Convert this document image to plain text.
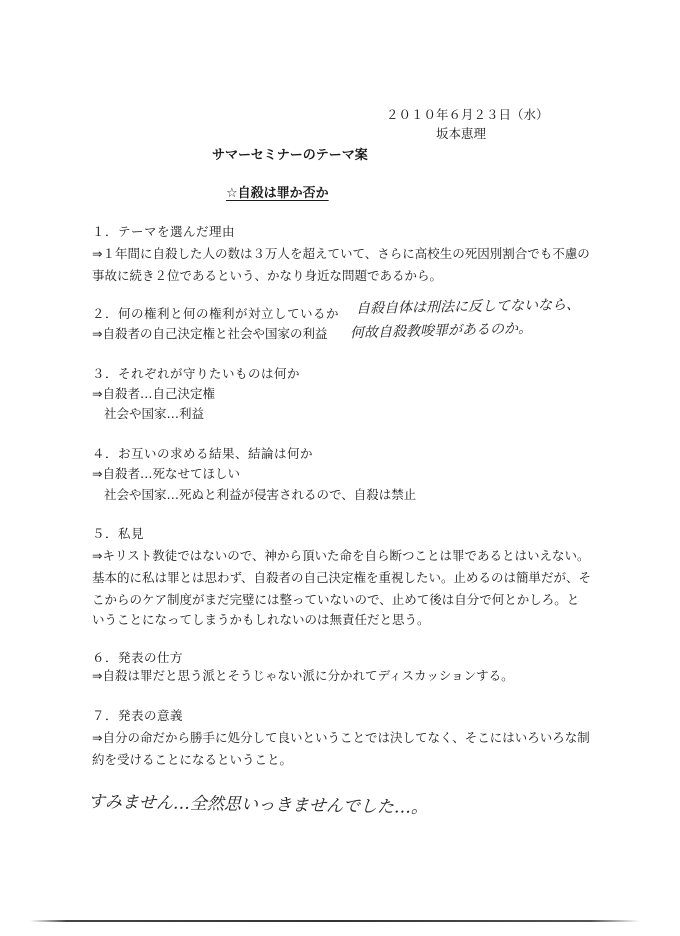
２０１０年６月２３日（水）
坂本恵理
サマーセミナーのテーマ案
☆自殺は罪か否か
１．テーマを選んだ理由
⇒１年間に自殺した人の数は３万人を超えていて、さらに高校生の死因別割合でも不慮の
事故に続き２位であるという、かなり身近な問題であるから。
２．何の権利と何の権利が対立しているか
⇒自殺者の自己決定権と社会や国家の利益
自殺自体は刑法に反してないなら、
何故自殺教唆罪があるのか。
３．それぞれが守りたいものは何か
⇒自殺者…自己決定権
社会や国家…利益
４．お互いの求める結果、結論は何か
⇒自殺者…死なせてほしい
社会や国家…死ぬと利益が侵害されるので、自殺は禁止
５．私見
⇒キリスト教徒ではないので、神から頂いた命を自ら断つことは罪であるとはいえない。
基本的に私は罪とは思わず、自殺者の自己決定権を重視したい。止めるのは簡単だが、そ
こからのケア制度がまだ完璧には整っていないので、止めて後は自分で何とかしろ。と
いうことになってしまうかもしれないのは無責任だと思う。
６．発表の仕方
⇒自殺は罪だと思う派とそうじゃない派に分かれてディスカッションする。
７．発表の意義
⇒自分の命だから勝手に処分して良いということでは決してなく、そこにはいろいろな制
約を受けることになるということ。
すみません…全然思いっきませんでした…。
